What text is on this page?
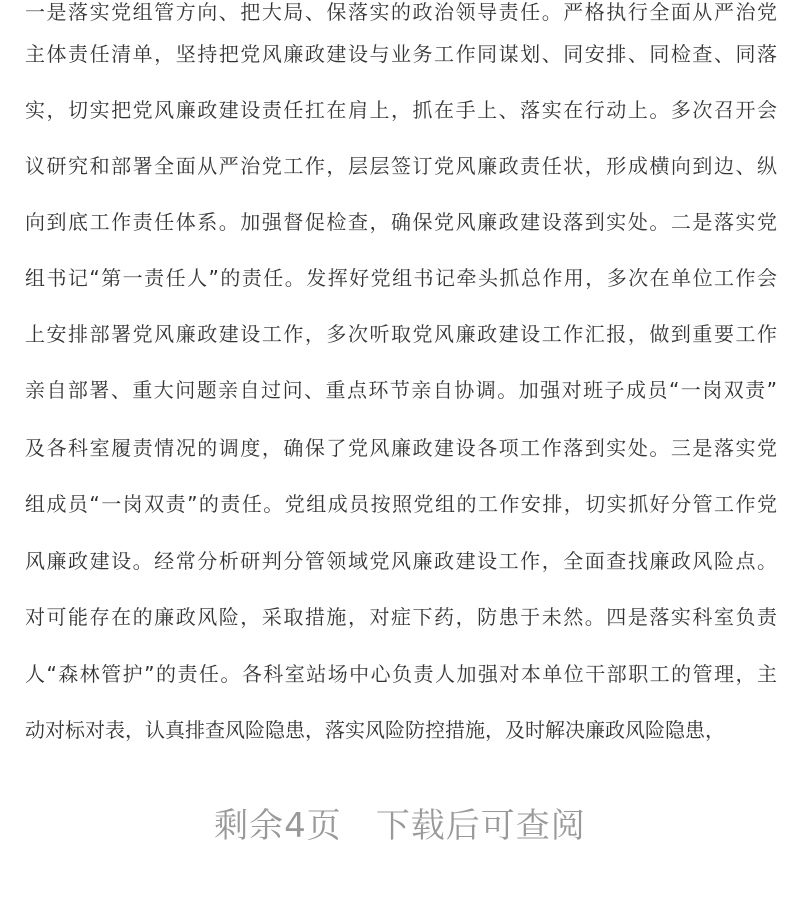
一是落实党组管方向、把大局、保落实的政治领导责任。严格执行全面从严治党
主体责任清单，坚持把党风廉政建设与业务工作同谋划、同安排、同检查、同落
实，切实把党风廉政建设责任扛在肩上，抓在手上、落实在行动上。多次召开会
议研究和部署全面从严治党工作，层层签订党风廉政责任状，形成横向到边、纵
向到底工作责任体系。加强督促检查，确保党风廉政建设落到实处。二是落实党
组书记“第一责任人”的责任。发挥好党组书记牵头抓总作用，多次在单位工作会
上安排部署党风廉政建设工作，多次听取党风廉政建设工作汇报，做到重要工作
亲自部署、重大问题亲自过问、重点环节亲自协调。加强对班子成员“一岗双责”
及各科室履责情况的调度，确保了党风廉政建设各项工作落到实处。三是落实党
组成员“一岗双责”的责任。党组成员按照党组的工作安排，切实抓好分管工作党
风廉政建设。经常分析研判分管领域党风廉政建设工作，全面查找廉政风险点。
对可能存在的廉政风险，采取措施，对症下药，防患于未然。四是落实科室负责
人“森林管护”的责任。各科室站场中心负责人加强对本单位干部职工的管理，主
动对标对表，认真排查风险隐患，落实风险防控措施，及时解决廉政风险隐患，
剩余4页 下载后可查阅
